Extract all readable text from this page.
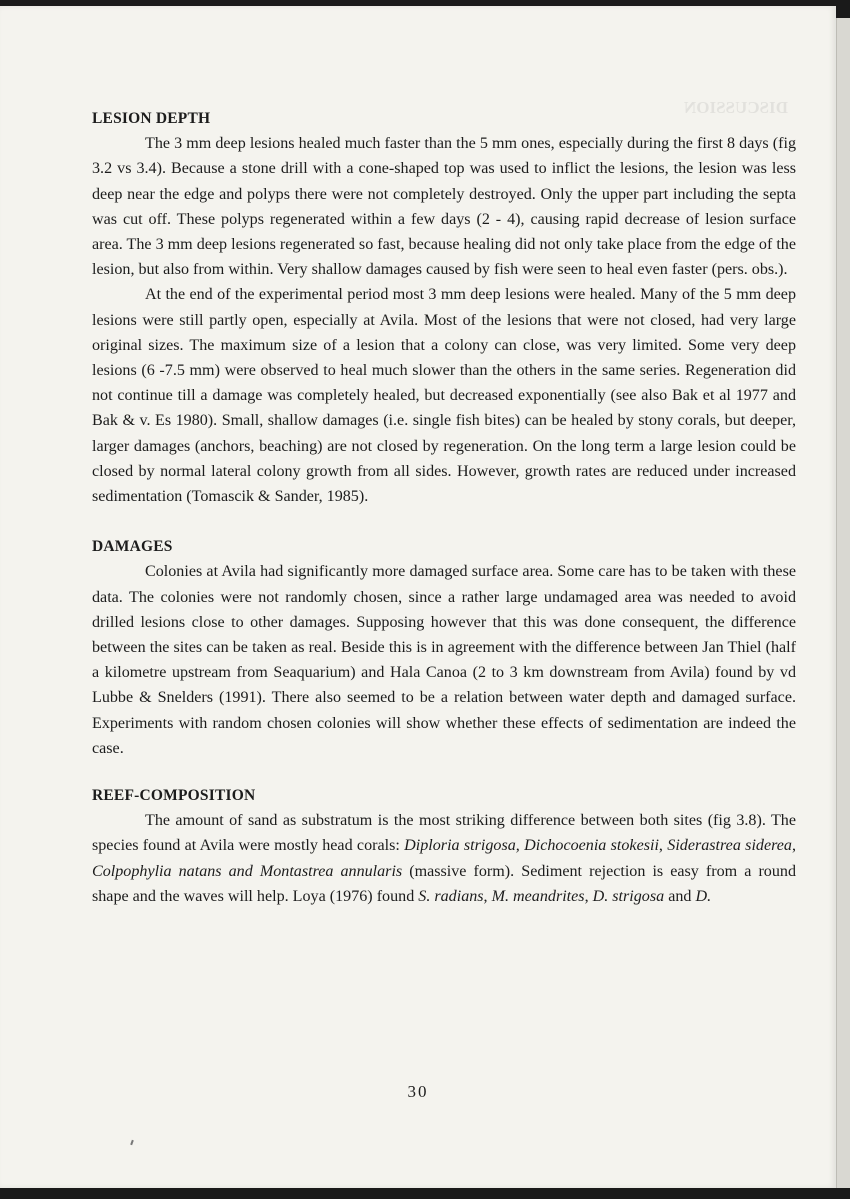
DISCUSSION
LESION DEPTH

The 3 mm deep lesions healed much faster than the 5 mm ones, especially during the first 8 days (fig 3.2 vs 3.4). Because a stone drill with a cone-shaped top was used to inflict the lesions, the lesion was less deep near the edge and polyps there were not completely destroyed. Only the upper part including the septa was cut off. These polyps regenerated within a few days (2 - 4), causing rapid decrease of lesion surface area. The 3 mm deep lesions regenerated so fast, because healing did not only take place from the edge of the lesion, but also from within. Very shallow damages caused by fish were seen to heal even faster (pers. obs.).

At the end of the experimental period most 3 mm deep lesions were healed. Many of the 5 mm deep lesions were still partly open, especially at Avila. Most of the lesions that were not closed, had very large original sizes. The maximum size of a lesion that a colony can close, was very limited. Some very deep lesions (6 -7.5 mm) were observed to heal much slower than the others in the same series. Regeneration did not continue till a damage was completely healed, but decreased exponentially (see also Bak et al 1977 and Bak & v. Es 1980). Small, shallow damages (i.e. single fish bites) can be healed by stony corals, but deeper, larger damages (anchors, beaching) are not closed by regeneration. On the long term a large lesion could be closed by normal lateral colony growth from all sides. However, growth rates are reduced under increased sedimentation (Tomascik & Sander, 1985).

DAMAGES

Colonies at Avila had significantly more damaged surface area. Some care has to be taken with these data. The colonies were not randomly chosen, since a rather large undamaged area was needed to avoid drilled lesions close to other damages. Supposing however that this was done consequent, the difference between the sites can be taken as real. Beside this is in agreement with the difference between Jan Thiel (half a kilometre upstream from Seaquarium) and Hala Canoa (2 to 3 km downstream from Avila) found by vd Lubbe & Snelders (1991). There also seemed to be a relation between water depth and damaged surface. Experiments with random chosen colonies will show whether these effects of sedimentation are indeed the case.

REEF-COMPOSITION

The amount of sand as substratum is the most striking difference between both sites (fig 3.8). The species found at Avila were mostly head corals: Diploria strigosa, Dichocoenia stokesii, Siderastrea siderea, Colpophylia natans and Montastrea annularis (massive form). Sediment rejection is easy from a round shape and the waves will help. Loya (1976) found S. radians, M. meandrites, D. strigosa and D.

30
